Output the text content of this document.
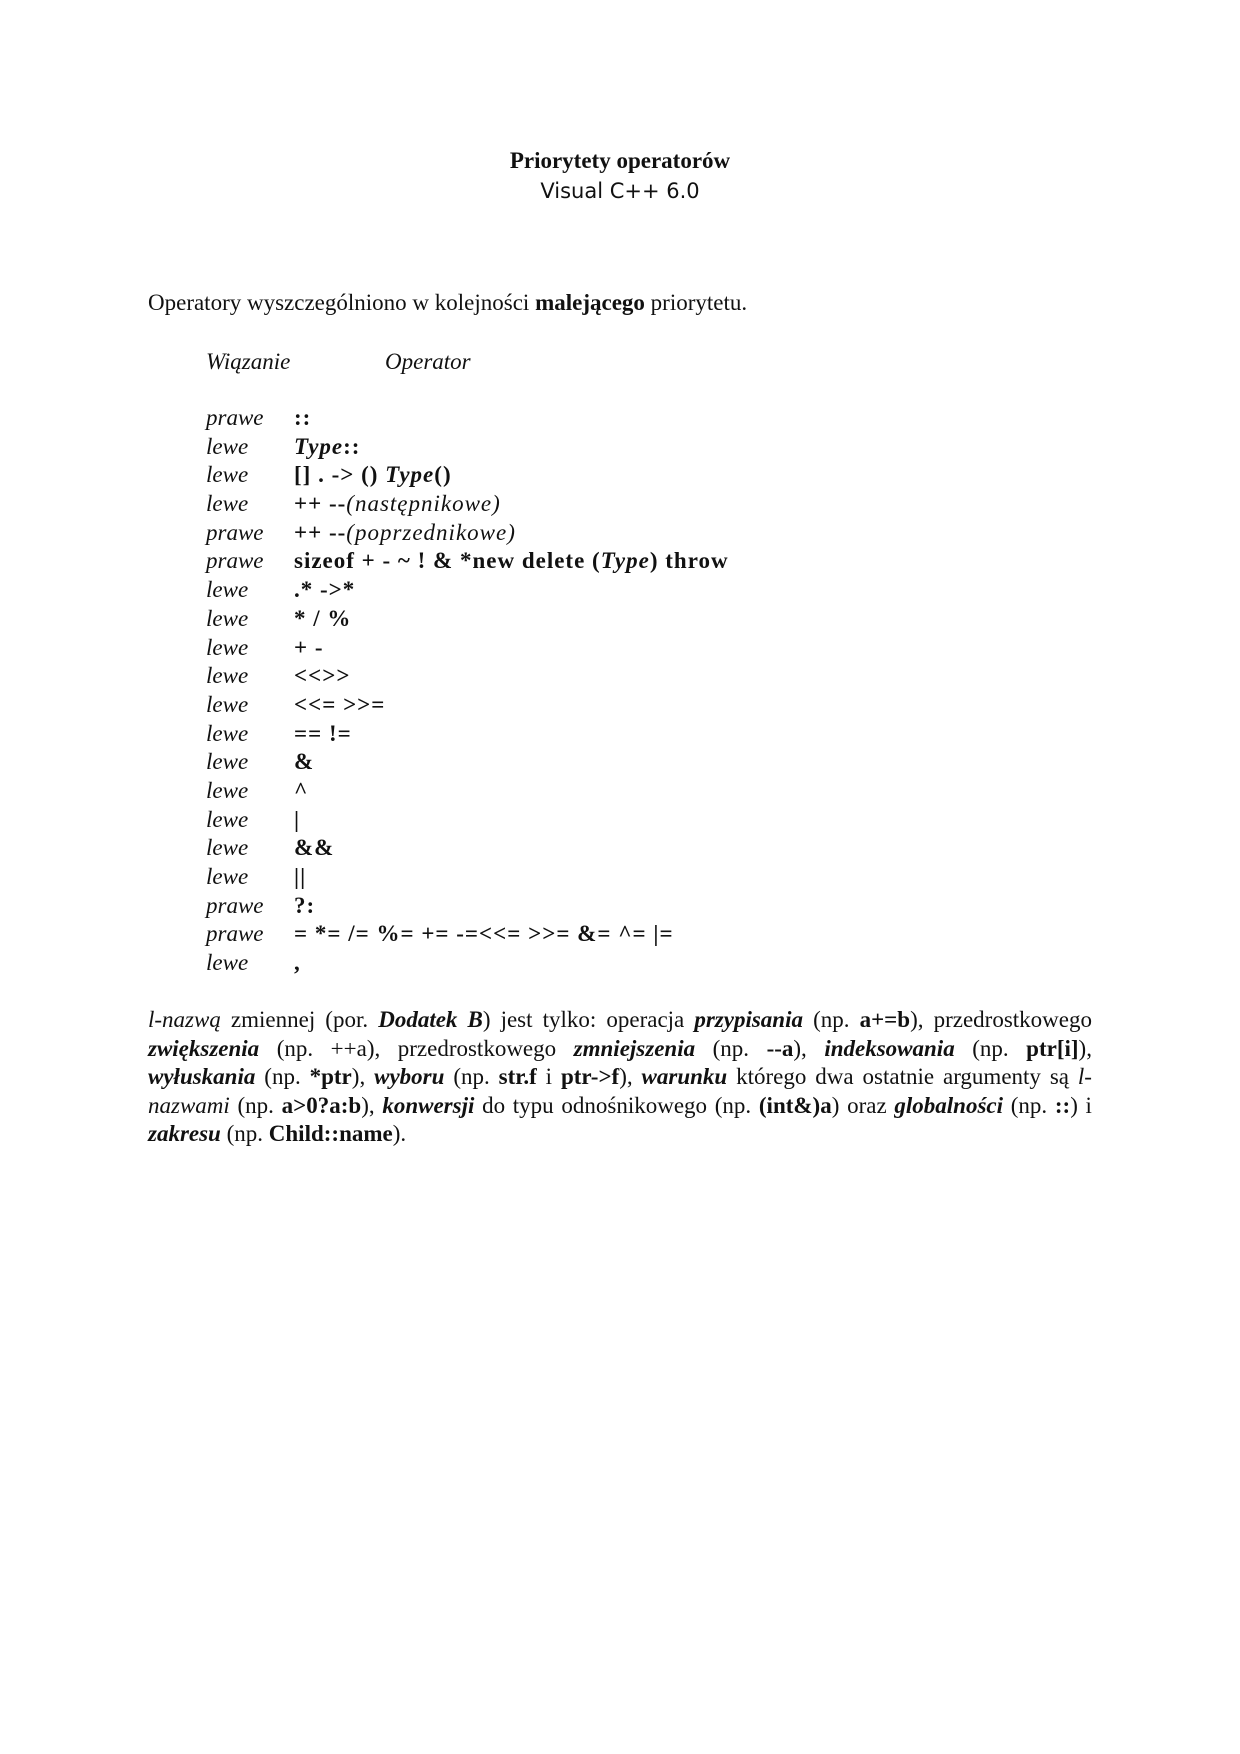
Priorytety operatorów
Visual C++ 6.0
Operatory wyszczególniono w kolejności malejącego priorytetu.
Wiązanie	Operator
prawe ::
lewe Type::
lewe [] . -> () Type()
lewe ++ --(następnikowe)
prawe ++ --(poprzednikowe)
prawe sizeof + - ~ ! & *new delete (Type) throw
lewe .* ->*
lewe * / %
lewe + -
lewe <<>>
lewe <<= >>=
lewe == !=
lewe &
lewe ^
lewe |
lewe &&
lewe ||
prawe ?:
prawe = *= /= %= += -=<<= >>= &= ^= |=
lewe ,
l-nazwą zmiennej (por. Dodatek B) jest tylko: operacja przypisania (np. a+=b), przedrostkowego zwiększenia (np. ++a), przedrostkowego zmniejszenia (np. --a), indeksowania (np. ptr[i]), wyłuskania (np. *ptr), wyboru (np. str.f i ptr->f), warunku którego dwa ostatnie argumenty są l-nazwami (np. a>0?a:b), konwersji do typu odnośnikowego (np. (int&)a) oraz globalności (np. ::) i zakresu (np. Child::name).
